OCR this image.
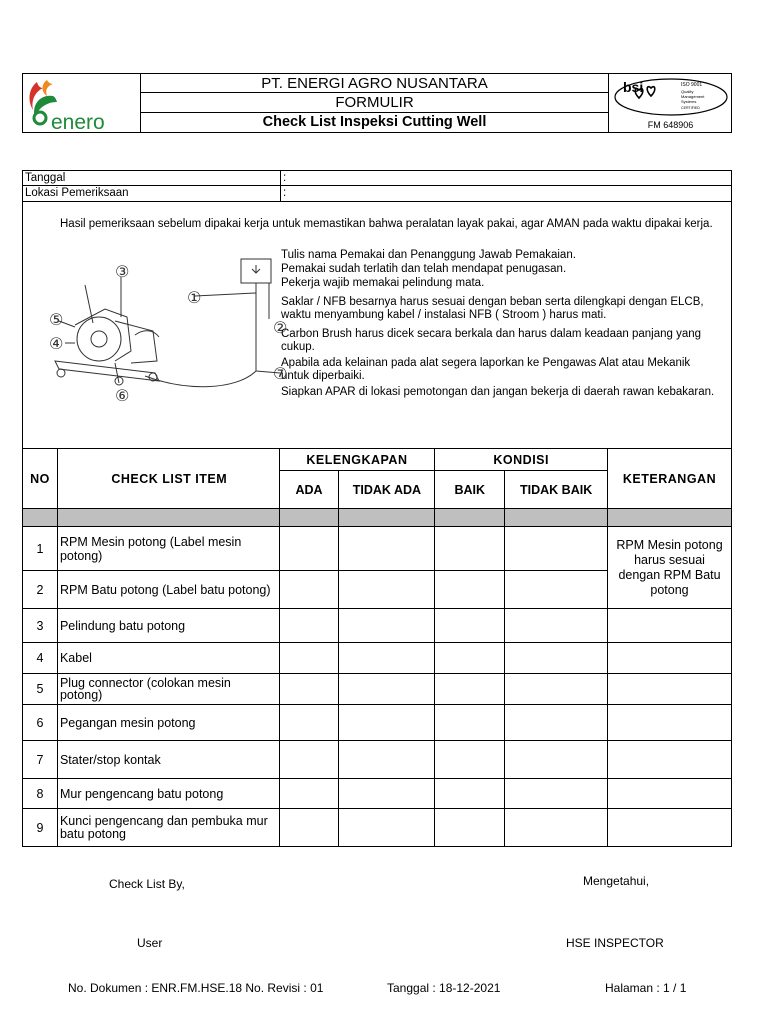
enero
PT. ENERGI AGRO NUSANTARA
FORMULIR
Check List Inspeksi Cutting Well
bsi	ISO 9001
Quality
Management
Systems
CERTIFIED
FM 648906
Tanggal	:
Lokasi Pemeriksaan	:
Hasil pemeriksaan sebelum dipakai kerja untuk memastikan bahwa peralatan layak pakai, agar AMAN pada waktu dipakai kerja.
③
①
②
⑤
④
⑥
⑦

Tulis nama Pemakai dan Penanggung Jawab Pemakaian.

Pemakai sudah terlatih dan telah mendapat penugasan.

Pekerja wajib memakai pelindung mata.

Saklar / NFB besarnya harus sesuai dengan beban serta dilengkapi dengan ELCB, waktu menyambung kabel / instalasi NFB ( Stroom ) harus mati.

Carbon Brush harus dicek secara berkala dan harus dalam keadaan panjang yang cukup.

Apabila ada kelainan pada alat segera laporkan ke Pengawas Alat atau Mekanik untuk diperbaiki.

Siapkan APAR di lokasi pemotongan dan jangan bekerja di daerah rawan kebakaran.

NO	CHECK LIST ITEM	KELENGKAPAN		KONDISI		KETERANGAN
		ADA	TIDAK ADA	BAIK	TIDAK BAIK	

1	RPM Mesin potong (Label mesin potong)					RPM Mesin potong harus sesuai dengan RPM Batu potong
2	RPM Batu potong (Label batu potong)					
3	Pelindung batu potong					
4	Kabel					
5	Plug connector (colokan mesin potong)					
6	Pegangan mesin potong					
7	Stater/stop kontak					
8	Mur pengencang batu potong					
9	Kunci pengencang dan pembuka mur batu potong					
Check List By,	Mengetahui,
User	HSE INSPECTOR
No. Dokumen : ENR.FM.HSE.18 No. Revisi : 01	Tanggal : 18-12-2021	Halaman : 1 / 1
